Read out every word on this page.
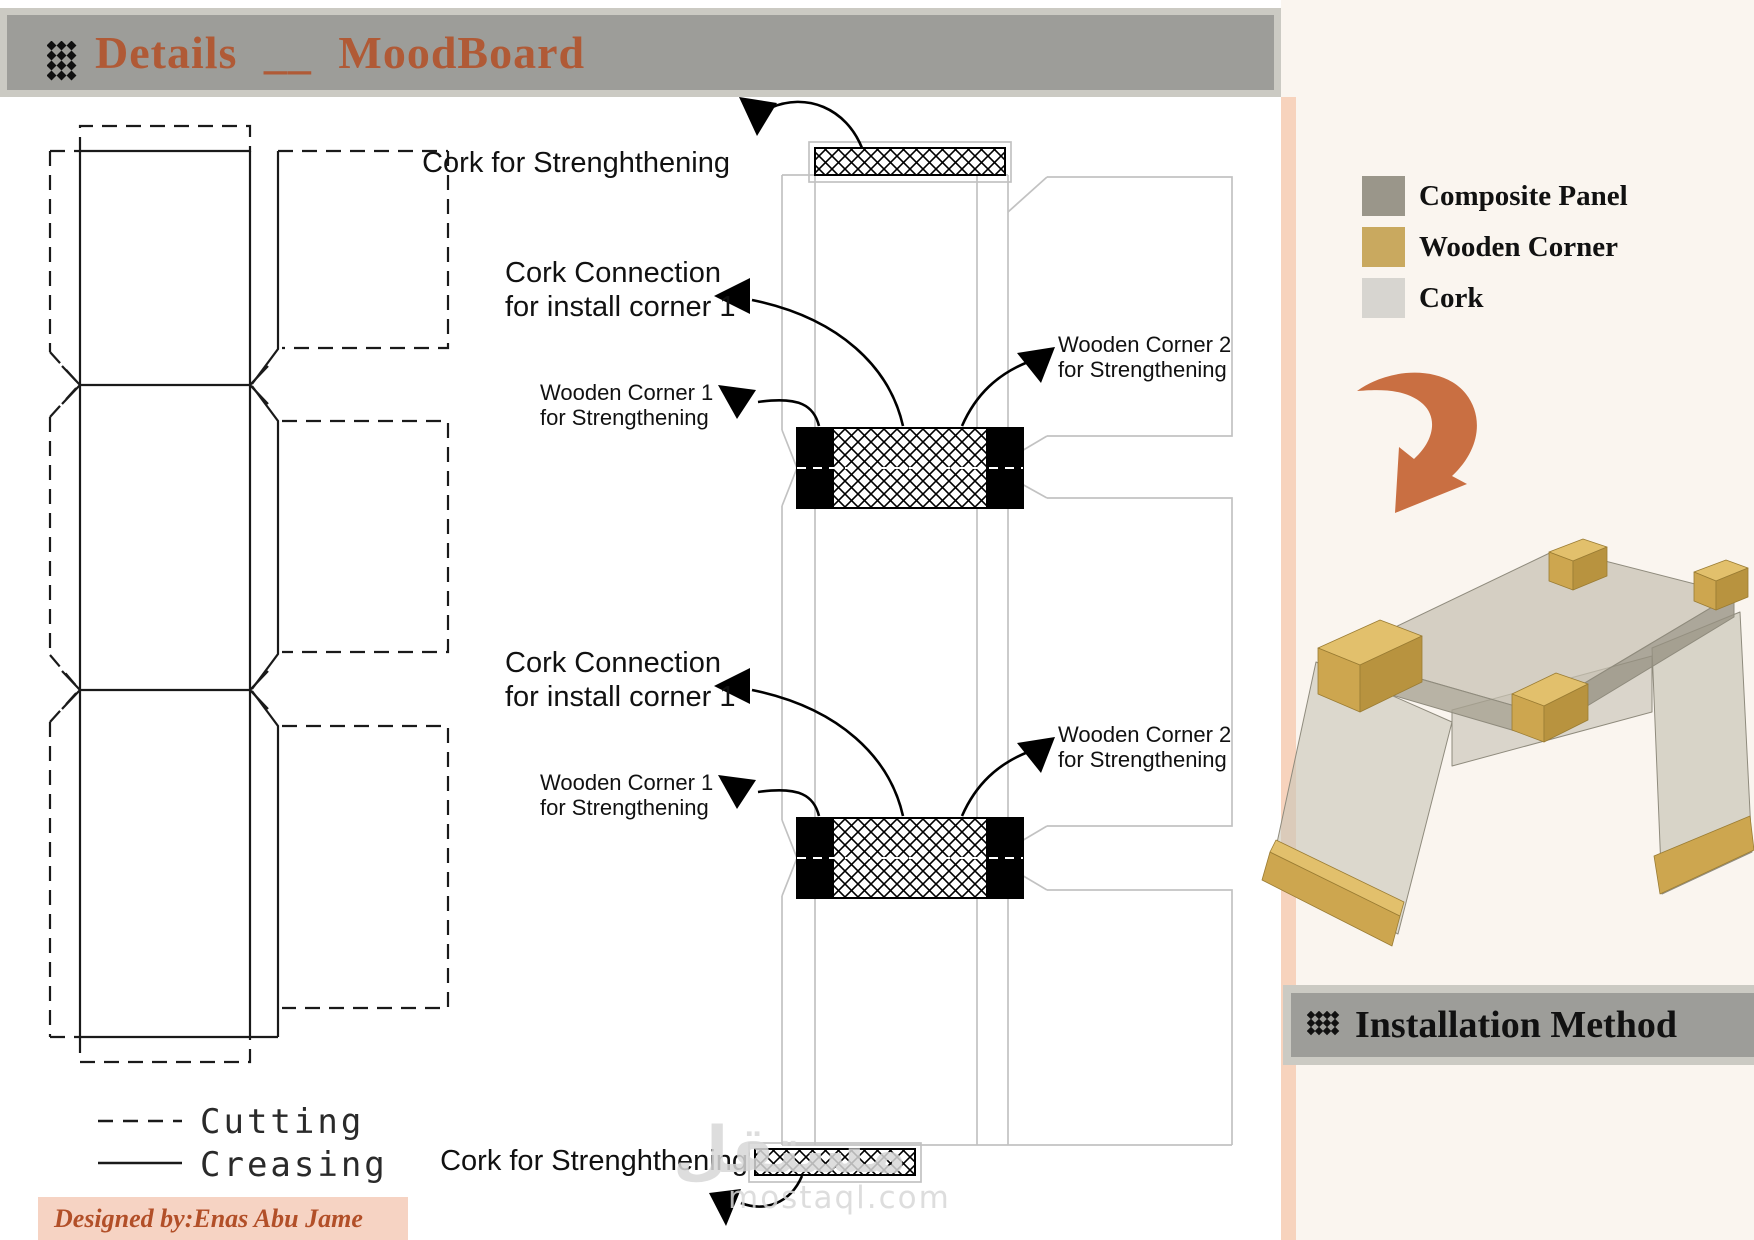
Details __ MoodBoard
Composite Panel
Wooden Corner
Cork
Installation Method
Designed by:Enas Abu Jame
Cutting
Creasing
Cork for Strenghthening
Cork for Strenghthening
Cork Connection
for install corner 1
Cork Connection
for install corner 1
Wooden Corner 1
for Strengthening
Wooden Corner 1
for Strengthening
Wooden Corner 2
for Strengthening
Wooden Corner 2
for Strengthening
مستقل
mostaql.com
